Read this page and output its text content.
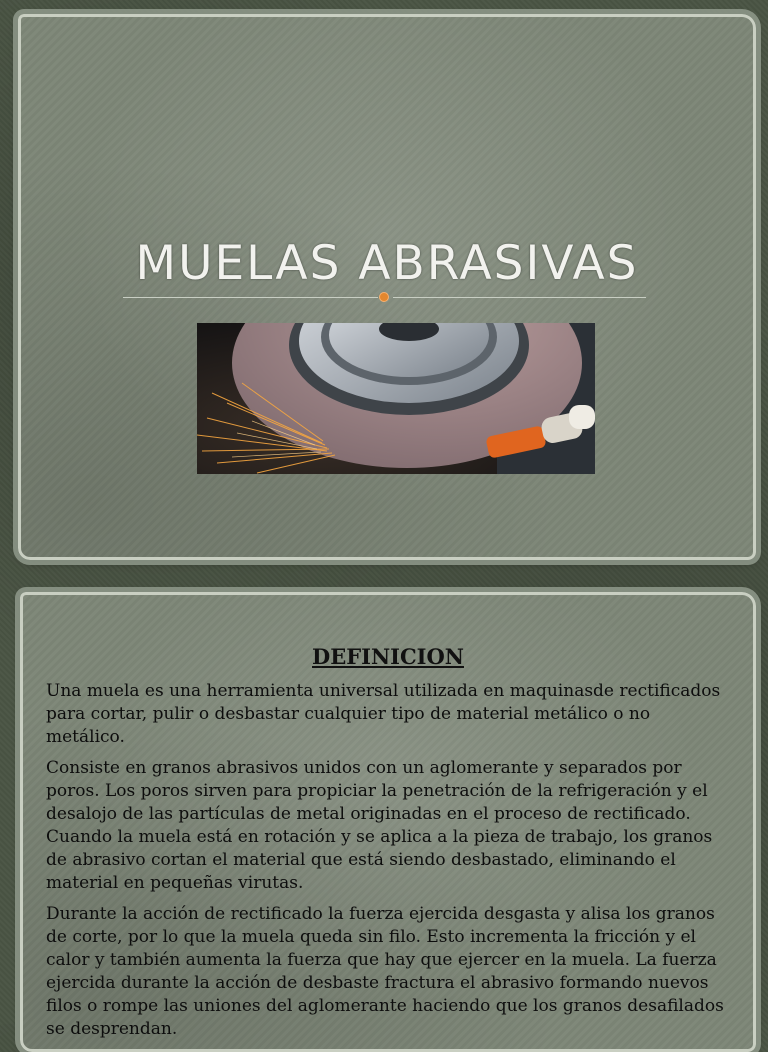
MUELAS ABRASIVAS
DEFINICION

Una muela es una herramienta universal utilizada en maquinasde rectificados para cortar, pulir o desbastar cualquier tipo de material metálico o no metálico.

Consiste en granos abrasivos unidos con un aglomerante y separados por poros. Los poros sirven para propiciar la penetración de la refrigeración y el desalojo de las partículas de metal originadas en el proceso de rectificado. Cuando la muela está en rotación y se aplica a la pieza de trabajo, los granos de abrasivo cortan el material que está siendo desbastado, eliminando el material en pequeñas virutas.

Durante la acción de rectificado la fuerza ejercida desgasta y alisa los granos de corte, por lo que la muela queda sin filo. Esto incrementa la fricción y el calor y también aumenta la fuerza que hay que ejercer en la muela. La fuerza ejercida durante la acción de desbaste fractura el abrasivo formando nuevos filos o rompe las uniones del aglomerante haciendo que los granos desafilados se desprendan.
